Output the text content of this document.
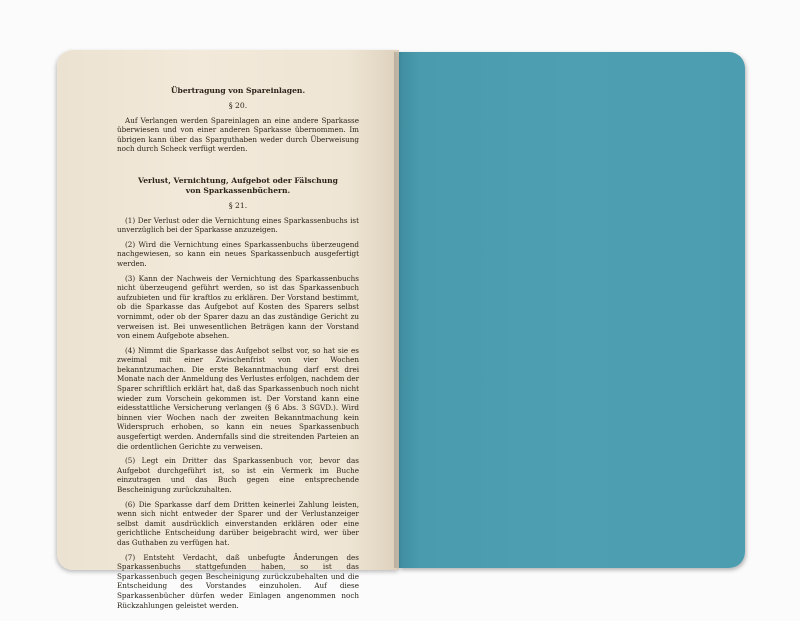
Übertragung von Spareinlagen.

§ 20.

Auf Verlangen werden Spareinlagen an eine andere Sparkasse überwiesen und von einer anderen Sparkasse übernommen. Im übrigen kann über das Sparguthaben weder durch Überweisung noch durch Scheck verfügt werden.

Verlust, Vernichtung, Aufgebot oder Fälschung

von Sparkassenbüchern.

§ 21.

(1) Der Verlust oder die Vernichtung eines Sparkassenbuchs ist unverzüglich bei der Sparkasse anzuzeigen.

(2) Wird die Vernichtung eines Sparkassenbuchs überzeugend nachgewiesen, so kann ein neues Sparkassenbuch ausgefertigt werden.

(3) Kann der Nachweis der Vernichtung des Sparkassenbuchs nicht überzeugend geführt werden, so ist das Sparkassenbuch aufzubieten und für kraftlos zu erklären. Der Vorstand bestimmt, ob die Sparkasse das Aufgebot auf Kosten des Sparers selbst vornimmt, oder ob der Sparer dazu an das zuständige Gericht zu verweisen ist. Bei unwesentlichen Beträgen kann der Vorstand von einem Aufgebote absehen.

(4) Nimmt die Sparkasse das Aufgebot selbst vor, so hat sie es zweimal mit einer Zwischenfrist von vier Wochen bekanntzumachen. Die erste Bekanntmachung darf erst drei Monate nach der Anmeldung des Verlustes erfolgen, nachdem der Sparer schriftlich erklärt hat, daß das Sparkassenbuch noch nicht wieder zum Vorschein gekommen ist. Der Vorstand kann eine eidesstattliche Versicherung verlangen (§ 6 Abs. 3 SGVD.). Wird binnen vier Wochen nach der zweiten Bekanntmachung kein Widerspruch erhoben, so kann ein neues Sparkassenbuch ausgefertigt werden. Andernfalls sind die streitenden Parteien an die ordentlichen Gerichte zu verweisen.

(5) Legt ein Dritter das Sparkassenbuch vor, bevor das Aufgebot durchgeführt ist, so ist ein Vermerk im Buche einzutragen und das Buch gegen eine entsprechende Bescheinigung zurückzuhalten.

(6) Die Sparkasse darf dem Dritten keinerlei Zahlung leisten, wenn sich nicht entweder der Sparer und der Verlustanzeiger selbst damit ausdrücklich einverstanden erklären oder eine gerichtliche Entscheidung darüber beigebracht wird, wer über das Guthaben zu verfügen hat.

(7) Entsteht Verdacht, daß unbefugte Änderungen des Sparkassenbuchs stattgefunden haben, so ist das Sparkassenbuch gegen Bescheinigung zurückzubehalten und die Entscheidung des Vorstandes einzuholen. Auf diese Sparkassenbücher dürfen weder Einlagen angenommen noch Rückzahlungen geleistet werden.
